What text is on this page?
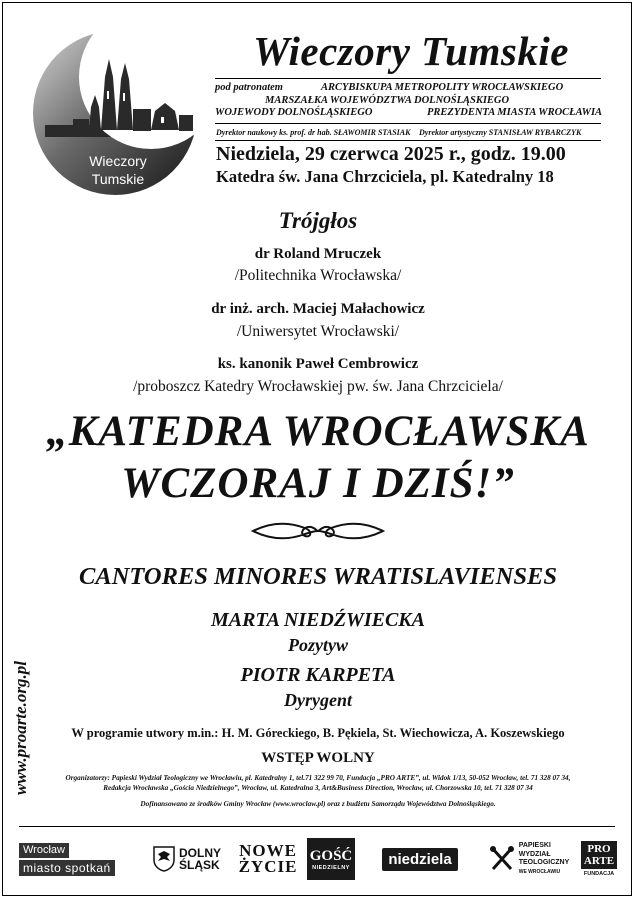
Wieczory
Tumskie
Wieczory Tumskie
pod patronatem	ARCYBISKUPA METROPOLITY WROCŁAWSKIEGO
MARSZAŁKA WOJEWÓDZTWA DOLNOŚLĄSKIEGO
WOJEWODY DOLNOŚLĄSKIEGO	PREZYDENTA MIASTA WROCŁAWIA
Dyrektor naukowy ks. prof. dr hab. SŁAWOMIR STASIAK Dyrektor artystyczny STANISŁAW RYBARCZYK
Niedziela, 29 czerwca 2025 r., godz. 19.00
Katedra św. Jana Chrzciciela, pl. Katedralny 18
Trójgłos
dr Roland Mruczek
/Politechnika Wrocławska/
dr inż. arch. Maciej Małachowicz
/Uniwersytet Wrocławski/
ks. kanonik Paweł Cembrowicz
/proboszcz Katedry Wrocławskiej pw. św. Jana Chrzciciela/
„KATEDRA WROCŁAWSKA
WCZORAJ I DZIŚ!”
CANTORES MINORES WRATISLAVIENSES
MARTA NIEDŹWIECKA
Pozytyw
PIOTR KARPETA
Dyrygent
W programie utwory m.in.: H. M. Góreckiego, B. Pękiela, St. Wiechowicza, A. Koszewskiego
WSTĘP WOLNY
Organizatorzy: Papieski Wydział Teologiczny we Wrocławiu, pl. Katedralny 1, tel.71 322 99 70, Fundacja „PRO ARTE”, ul. Widok 1/13, 50-052 Wrocław, tel. 71 328 07 34,
Redakcja Wrocławska „Gościa Niedzielnego”, Wrocław, ul. Katedralna 3, Art&Business Direction, Wrocław, ul. Chorzowska 10, tel. 71 328 07 34
Dofinansowano ze środków Gminy Wrocław (www.wroclaw.pl) oraz z budżetu Samorządu Województwa Dolnośląskiego.
www.proarte.org.pl
Wrocław
miasto spotkań
DOLNY
ŚLĄSK
NOWE
ŻYCIE
GOŚĆ
NIEDZIELNY	niedziela
PAPIESKI
WYDZIAŁ
TEOLOGICZNY
WE WROCŁAWIU
PRO
ARTE
FUNDACJA
